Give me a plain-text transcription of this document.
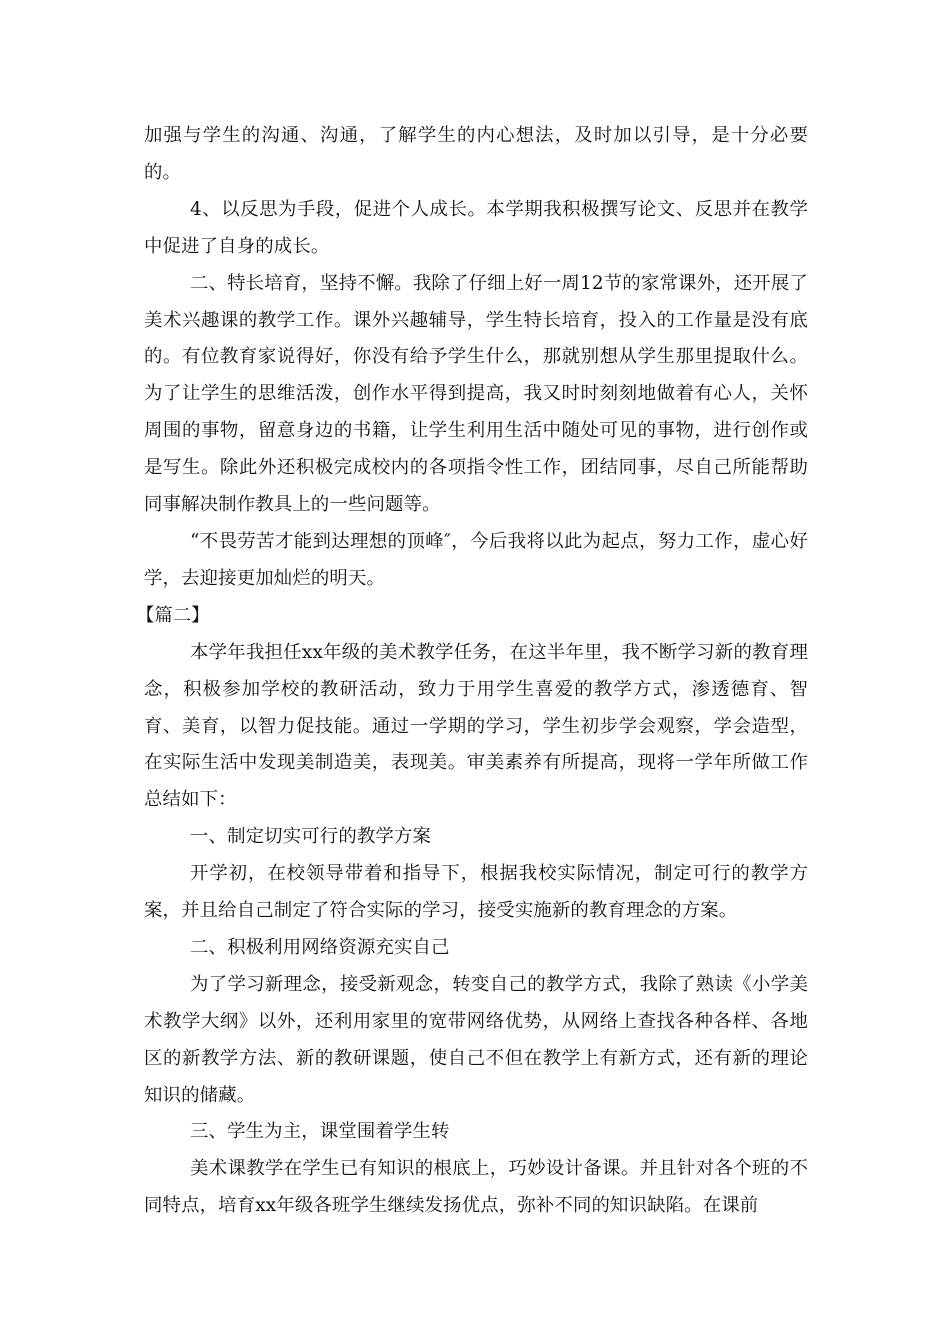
加强与学生的沟通、沟通，了解学生的内心想法，及时加以引导，是十分必要的。

4、以反思为手段，促进个人成长。本学期我积极撰写论文、反思并在教学中促进了自身的成长。

二、特长培育，坚持不懈。我除了仔细上好一周12节的家常课外，还开展了美术兴趣课的教学工作。课外兴趣辅导，学生特长培育，投入的工作量是没有底的。有位教育家说得好，你没有给予学生什么，那就别想从学生那里提取什么。为了让学生的思维活泼，创作水平得到提高，我又时时刻刻地做着有心人，关怀周围的事物，留意身边的书籍，让学生利用生活中随处可见的事物，进行创作或是写生。除此外还积极完成校内的各项指令性工作，团结同事，尽自己所能帮助同事解决制作教具上的一些问题等。

“不畏劳苦才能到达理想的顶峰″，今后我将以此为起点，努力工作，虚心好学，去迎接更加灿烂的明天。

【篇二】

本学年我担任xx年级的美术教学任务，在这半年里，我不断学习新的教育理念，积极参加学校的教研活动，致力于用学生喜爱的教学方式，渗透德育、智育、美育，以智力促技能。通过一学期的学习，学生初步学会观察，学会造型，在实际生活中发现美制造美，表现美。审美素养有所提高，现将一学年所做工作总结如下：

一、制定切实可行的教学方案

开学初，在校领导带着和指导下，根据我校实际情况，制定可行的教学方案，并且给自己制定了符合实际的学习，接受实施新的教育理念的方案。

二、积极利用网络资源充实自己

为了学习新理念，接受新观念，转变自己的教学方式，我除了熟读《小学美术教学大纲》以外，还利用家里的宽带网络优势，从网络上查找各种各样、各地区的新教学方法、新的教研课题，使自己不但在教学上有新方式，还有新的理论知识的储藏。

三、学生为主，课堂围着学生转

美术课教学在学生已有知识的根底上，巧妙设计备课。并且针对各个班的不同特点，培育xx年级各班学生继续发扬优点，弥补不同的知识缺陷。在课前
